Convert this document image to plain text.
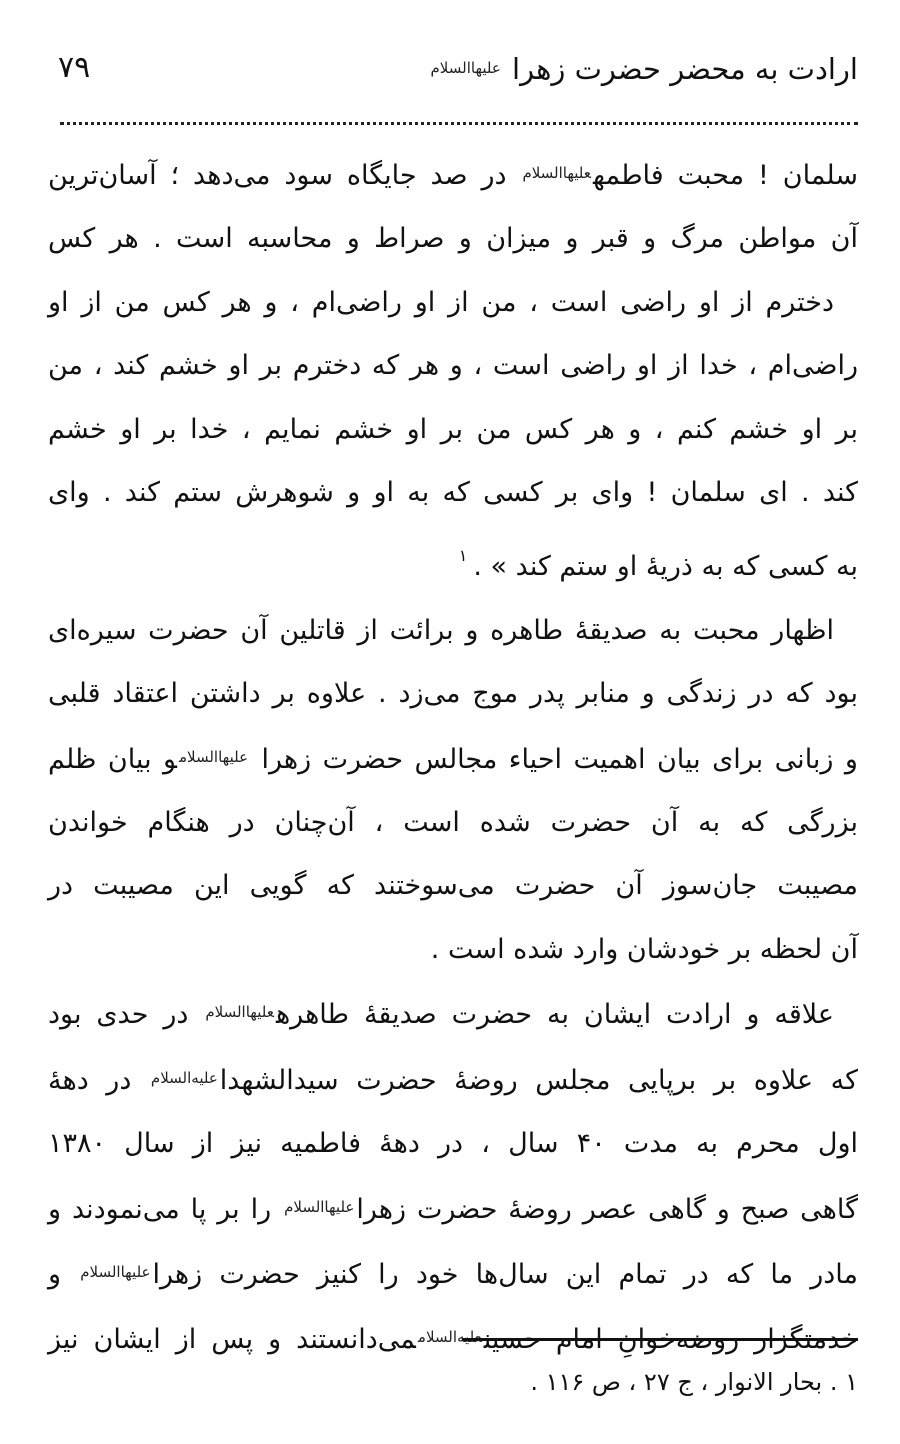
ارادت به محضر حضرت زهرا $^{عليهاالسلام}$
۷۹

سلمان ! محبت فاطمه$^{عليهاالسلام}$ در صد جایگاه سود می‌دهد ؛ آسان‌ترین
آن مواطن مرگ و قبر و میزان و صراط و محاسبه است . هر کس
دخترم از او راضی است ، من از او راضی‌ام ، و هر کس من از او
راضی‌ام ، خدا از او راضی است ، و هر که دخترم بر او خشم کند ، من
بر او خشم کنم ، و هر کس من بر او خشم نمایم ، خدا بر او خشم
کند . ای سلمان ! وای بر کسی که به او و شوهرش ستم کند . وای
به کسی که به ذریهٔ او ستم کند » .$^۱$

اظهار محبت به صدیقهٔ طاهره و برائت از قاتلین آن حضرت سیره‌ای
بود که در زندگی و منابر پدر موج می‌زد . علاوه بر داشتن اعتقاد قلبی
و زبانی برای بیان اهمیت احیاء مجالس حضرت زهرا $^{عليهاالسلام}$و بیان ظلم
بزرگی که به آن حضرت شده است ، آن‌چنان در هنگام خواندن
مصیبت جان‌سوز آن حضرت می‌سوختند که گویی این مصیبت در
آن لحظه بر خودشان وارد شده است .

علاقه و ارادت ایشان به حضرت صدیقهٔ طاهره$^{عليهاالسلام}$ در حدی بود
که علاوه بر برپایی مجلس روضهٔ حضرت سیدالشهدا$^{عليه‌السلام}$ در دههٔ
اول محرم به مدت ۴۰ سال ، در دههٔ فاطمیه نیز از سال ۱۳۸۰
گاهی صبح و گاهی عصر روضهٔ حضرت زهرا$^{عليهاالسلام}$ را بر پا می‌نمودند و
مادر ما که در تمام این سال‌ها خود را کنیز حضرت زهرا$^{عليهاالسلام}$ و
خدمتگزار روضه‌خوانِ امام حسین$^{عليه‌السلام}$می‌دانستند و پس از ایشان نیز

۱ . بحار الانوار ، ج ۲۷ ، ص ۱۱۶ .
